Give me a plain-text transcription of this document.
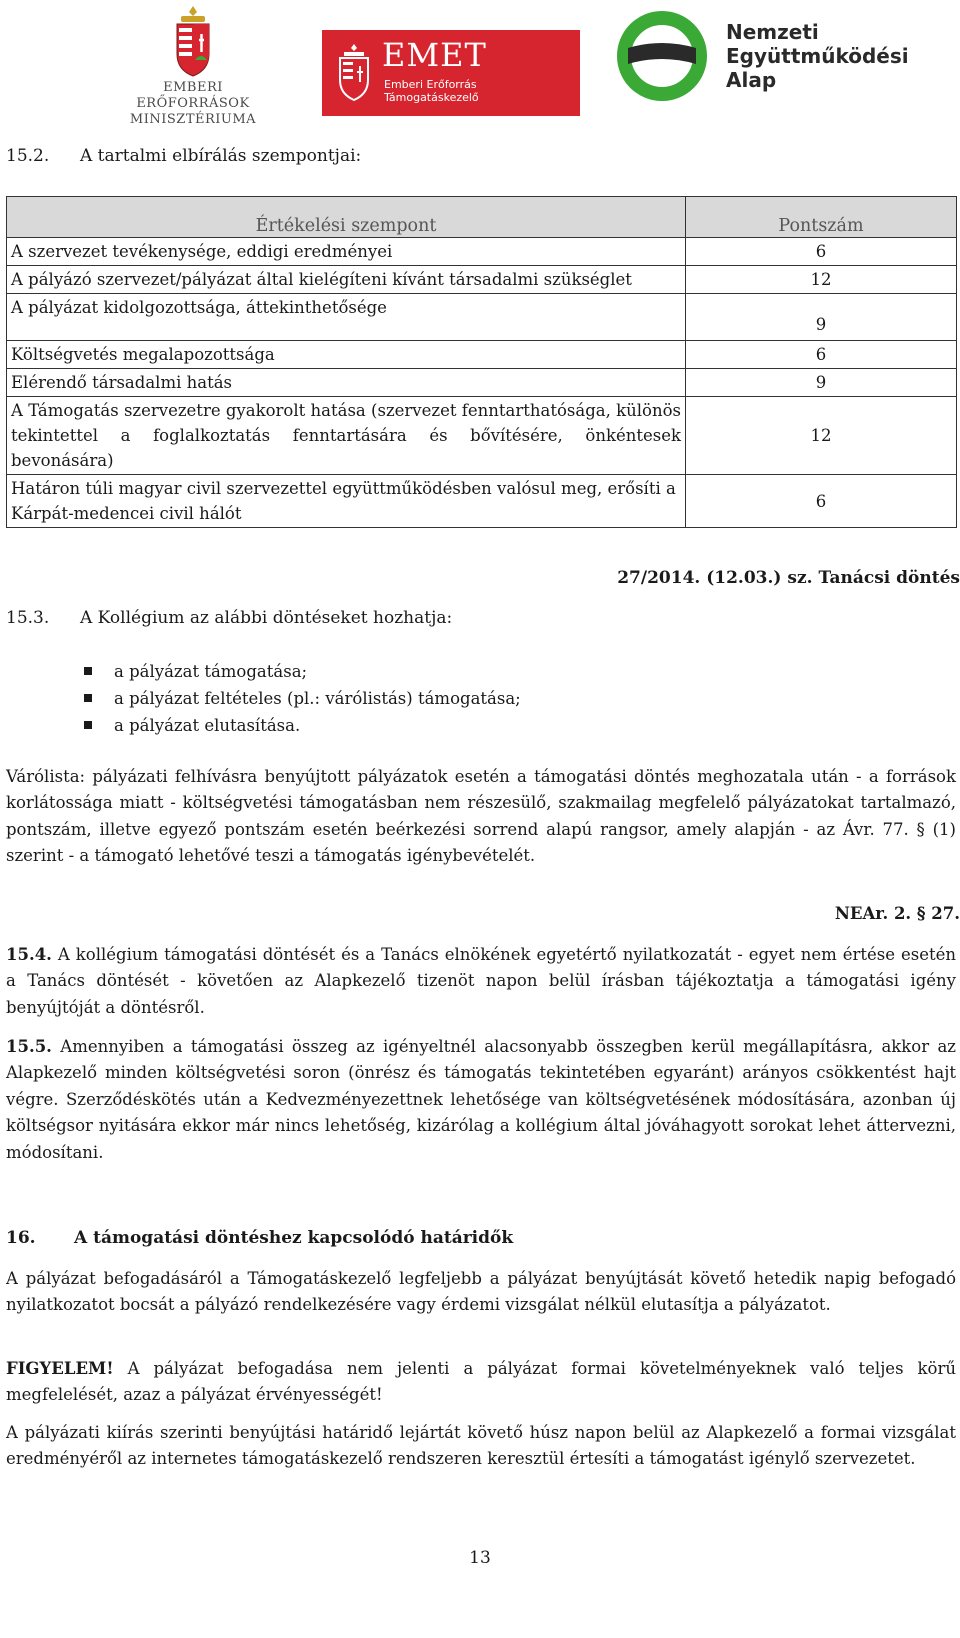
EMBERI ERŐFORRÁSOK
MINISZTÉRIUMA
EMET
Emberi Erőforrás
Támogatáskezelő
Nemzeti
Együttműködési
Alap
15.2. A tartalmi elbírálás szempontjai:
Értékelési szempont	Pontszám
A szervezet tevékenysége, eddigi eredményei	6
A pályázó szervezet/pályázat által kielégíteni kívánt társadalmi szükséglet	12
A pályázat kidolgozottsága, áttekinthetősége	9
Költségvetés megalapozottsága	6
Elérendő társadalmi hatás	9
A Támogatás szervezetre gyakorolt hatása (szervezet fenntarthatósága, különös tekintettel a foglalkoztatás fenntartására és bővítésére, önkéntesek bevonására)	12
Határon túli magyar civil szervezettel együttműködésben valósul meg, erősíti a Kárpát-medencei civil hálót	6
27/2014. (12.03.) sz. Tanácsi döntés
15.3. A Kollégium az alábbi döntéseket hozhatja:
a pályázat támogatása;
a pályázat feltételes (pl.: várólistás) támogatása;
a pályázat elutasítása.
Várólista: pályázati felhívásra benyújtott pályázatok esetén a támogatási döntés meghozatala után - a források korlátossága miatt - költségvetési támogatásban nem részesülő, szakmailag megfelelő pályázatokat tartalmazó, pontszám, illetve egyező pontszám esetén beérkezési sorrend alapú rangsor, amely alapján - az Ávr. 77. § (1) szerint - a támogató lehetővé teszi a támogatás igénybevételét.
NEAr. 2. § 27.
15.4. A kollégium támogatási döntését és a Tanács elnökének egyetértő nyilatkozatát - egyet nem értése esetén a Tanács döntését - követően az Alapkezelő tizenöt napon belül írásban tájékoztatja a támogatási igény benyújtóját a döntésről.
15.5. Amennyiben a támogatási összeg az igényeltnél alacsonyabb összegben kerül megállapításra, akkor az Alapkezelő minden költségvetési soron (önrész és támogatás tekintetében egyaránt) arányos csökkentést hajt végre. Szerződéskötés után a Kedvezményezettnek lehetősége van költségvetésének módosítására, azonban új költségsor nyitására ekkor már nincs lehetőség, kizárólag a kollégium által jóváhagyott sorokat lehet áttervezni, módosítani.
16. A támogatási döntéshez kapcsolódó határidők
A pályázat befogadásáról a Támogatáskezelő legfeljebb a pályázat benyújtását követő hetedik napig befogadó nyilatkozatot bocsát a pályázó rendelkezésére vagy érdemi vizsgálat nélkül elutasítja a pályázatot.
FIGYELEM! A pályázat befogadása nem jelenti a pályázat formai követelményeknek való teljes körű megfelelését, azaz a pályázat érvényességét!
A pályázati kiírás szerinti benyújtási határidő lejártát követő húsz napon belül az Alapkezelő a formai vizsgálat eredményéről az internetes támogatáskezelő rendszeren keresztül értesíti a támogatást igénylő szervezetet.
13
